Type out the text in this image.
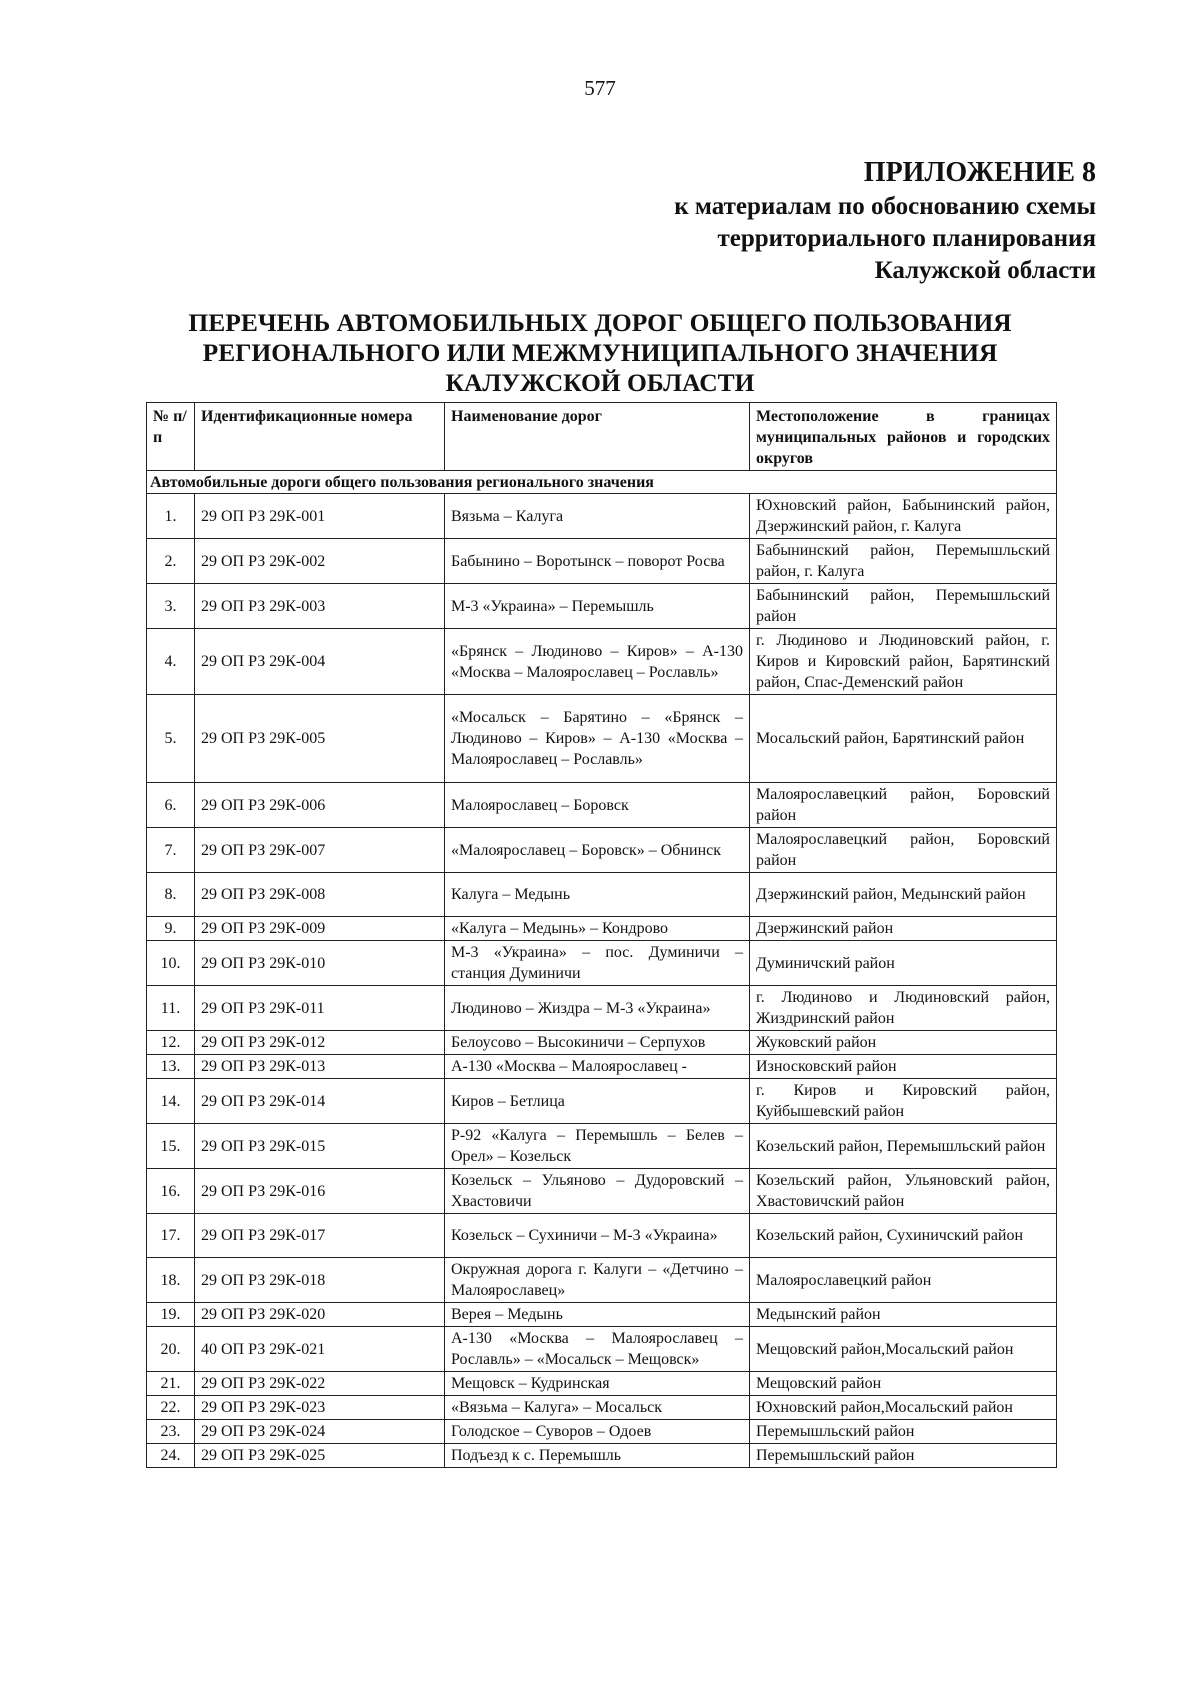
577
ПРИЛОЖЕНИЕ 8
к материалам по обоснованию схемы
территориального планирования
Калужской области
ПЕРЕЧЕНЬ АВТОМОБИЛЬНЫХ ДОРОГ ОБЩЕГО ПОЛЬЗОВАНИЯ
РЕГИОНАЛЬНОГО ИЛИ МЕЖМУНИЦИПАЛЬНОГО ЗНАЧЕНИЯ
КАЛУЖСКОЙ ОБЛАСТИ
№ п/п	Идентификационные номера	Наименование дорог	Местоположение в границах муниципальных районов и городских округов
Автомобильные дороги общего пользования регионального значения			
1.	29 ОП РЗ 29К-001	Вязьма – Калуга	Юхновский район, Бабынинский район, Дзержинский район, г. Калуга
2.	29 ОП РЗ 29К-002	Бабынино – Воротынск – поворот Росва	Бабынинский район, Перемышльский район, г. Калуга
3.	29 ОП РЗ 29К-003	М-3 «Украина» – Перемышль	Бабынинский район, Перемышльский район
4.	29 ОП РЗ 29К-004	«Брянск – Людиново – Киров» – А-130 «Москва – Малоярославец – Рославль»	г. Людиново и Людиновский район, г. Киров и Кировский район, Барятинский район, Спас-Деменский район
5.	29 ОП РЗ 29К-005	«Мосальск – Барятино – «Брянск – Людиново – Киров» – А-130 «Москва – Малоярославец – Рославль»	Мосальский район, Барятинский район
6.	29 ОП РЗ 29К-006	Малоярославец – Боровск	Малоярославецкий район, Боровский район
7.	29 ОП РЗ 29К-007	«Малоярославец – Боровск» – Обнинск	Малоярославецкий район, Боровский район
8.	29 ОП РЗ 29К-008	Калуга – Медынь	Дзержинский район, Медынский район
9.	29 ОП РЗ 29К-009	«Калуга – Медынь» – Кондрово	Дзержинский район
10.	29 ОП РЗ 29К-010	М-3 «Украина» – пос. Думиничи – станция Думиничи	Думиничский район
11.	29 ОП РЗ 29К-011	Людиново – Жиздра – М-3 «Украина»	г. Людиново и Людиновский район, Жиздринский район
12.	29 ОП РЗ 29К-012	Белоусово – Высокиничи – Серпухов	Жуковский район
13.	29 ОП РЗ 29К-013	А-130 «Москва – Малоярославец -	Износковский район
14.	29 ОП РЗ 29К-014	Киров – Бетлица	г. Киров и Кировский район, Куйбышевский район
15.	29 ОП РЗ 29К-015	Р-92 «Калуга – Перемышль – Белев – Орел» – Козельск	Козельский район, Перемышльский район
16.	29 ОП РЗ 29К-016	Козельск – Ульяново – Дудоровский – Хвастовичи	Козельский район, Ульяновский район, Хвастовичский район
17.	29 ОП РЗ 29К-017	Козельск – Сухиничи – М-3 «Украина»	Козельский район, Сухиничский район
18.	29 ОП РЗ 29К-018	Окружная дорога г. Калуги – «Детчино – Малоярославец»	Малоярославецкий район
19.	29 ОП РЗ 29К-020	Верея – Медынь	Медынский район
20.	40 ОП РЗ 29К-021	А-130 «Москва – Малоярославец – Рославль» – «Мосальск – Мещовск»	Мещовский район,Мосальский район
21.	29 ОП РЗ 29К-022	Мещовск – Кудринская	Мещовский район
22.	29 ОП РЗ 29К-023	«Вязьма – Калуга» – Мосальск	Юхновский район,Мосальский район
23.	29 ОП РЗ 29К-024	Голодское – Суворов – Одоев	Перемышльский район
24.	29 ОП РЗ 29К-025	Подъезд к с. Перемышль	Перемышльский район
